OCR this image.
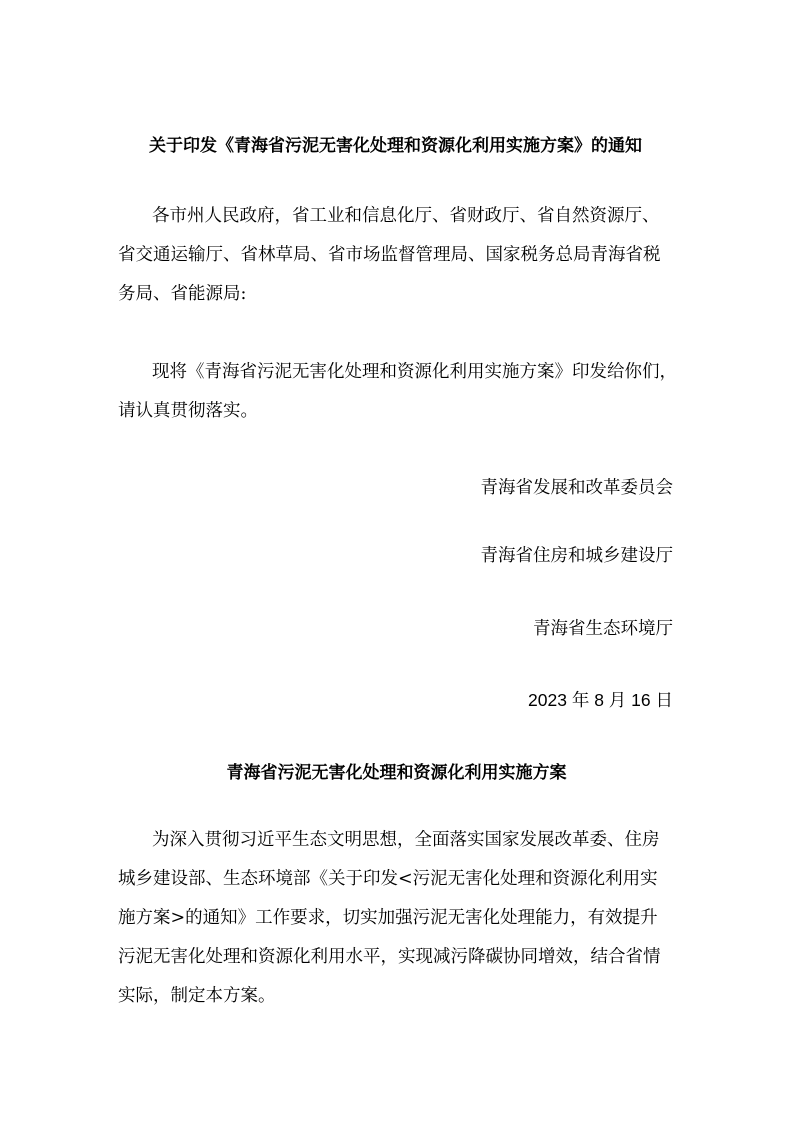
关于印发《青海省污泥无害化处理和资源化利用实施方案》的通知
各市州人民政府，省工业和信息化厅、省财政厅、省自然资源厅、
省交通运输厅、省林草局、省市场监督管理局、国家税务总局青海省税
务局、省能源局:
现将《青海省污泥无害化处理和资源化利用实施方案》印发给你们，
请认真贯彻落实。
青海省发展和改革委员会
青海省住房和城乡建设厅
青海省生态环境厅
2023 年 8 月 16 日
青海省污泥无害化处理和资源化利用实施方案
为深入贯彻习近平生态文明思想，全面落实国家发展改革委、住房
城乡建设部、生态环境部《关于印发<污泥无害化处理和资源化利用实
施方案>的通知》工作要求，切实加强污泥无害化处理能力，有效提升
污泥无害化处理和资源化利用水平，实现减污降碳协同增效，结合省情
实际，制定本方案。
